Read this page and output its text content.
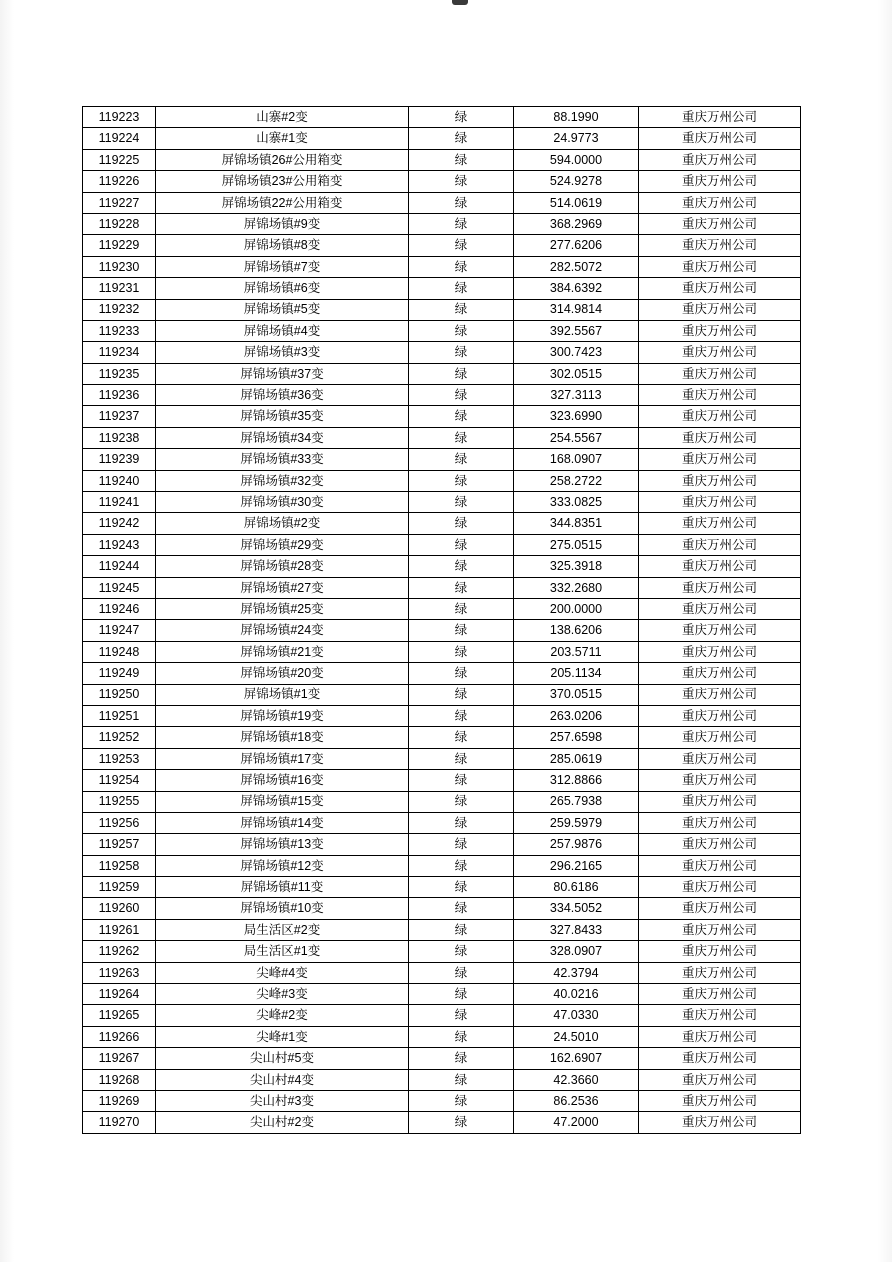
119223	山寨#2变	绿	88.1990	重庆万州公司
119224	山寨#1变	绿	24.9773	重庆万州公司
119225	屏锦场镇26#公用箱变	绿	594.0000	重庆万州公司
119226	屏锦场镇23#公用箱变	绿	524.9278	重庆万州公司
119227	屏锦场镇22#公用箱变	绿	514.0619	重庆万州公司
119228	屏锦场镇#9变	绿	368.2969	重庆万州公司
119229	屏锦场镇#8变	绿	277.6206	重庆万州公司
119230	屏锦场镇#7变	绿	282.5072	重庆万州公司
119231	屏锦场镇#6变	绿	384.6392	重庆万州公司
119232	屏锦场镇#5变	绿	314.9814	重庆万州公司
119233	屏锦场镇#4变	绿	392.5567	重庆万州公司
119234	屏锦场镇#3变	绿	300.7423	重庆万州公司
119235	屏锦场镇#37变	绿	302.0515	重庆万州公司
119236	屏锦场镇#36变	绿	327.3113	重庆万州公司
119237	屏锦场镇#35变	绿	323.6990	重庆万州公司
119238	屏锦场镇#34变	绿	254.5567	重庆万州公司
119239	屏锦场镇#33变	绿	168.0907	重庆万州公司
119240	屏锦场镇#32变	绿	258.2722	重庆万州公司
119241	屏锦场镇#30变	绿	333.0825	重庆万州公司
119242	屏锦场镇#2变	绿	344.8351	重庆万州公司
119243	屏锦场镇#29变	绿	275.0515	重庆万州公司
119244	屏锦场镇#28变	绿	325.3918	重庆万州公司
119245	屏锦场镇#27变	绿	332.2680	重庆万州公司
119246	屏锦场镇#25变	绿	200.0000	重庆万州公司
119247	屏锦场镇#24变	绿	138.6206	重庆万州公司
119248	屏锦场镇#21变	绿	203.5711	重庆万州公司
119249	屏锦场镇#20变	绿	205.1134	重庆万州公司
119250	屏锦场镇#1变	绿	370.0515	重庆万州公司
119251	屏锦场镇#19变	绿	263.0206	重庆万州公司
119252	屏锦场镇#18变	绿	257.6598	重庆万州公司
119253	屏锦场镇#17变	绿	285.0619	重庆万州公司
119254	屏锦场镇#16变	绿	312.8866	重庆万州公司
119255	屏锦场镇#15变	绿	265.7938	重庆万州公司
119256	屏锦场镇#14变	绿	259.5979	重庆万州公司
119257	屏锦场镇#13变	绿	257.9876	重庆万州公司
119258	屏锦场镇#12变	绿	296.2165	重庆万州公司
119259	屏锦场镇#11变	绿	80.6186	重庆万州公司
119260	屏锦场镇#10变	绿	334.5052	重庆万州公司
119261	局生活区#2变	绿	327.8433	重庆万州公司
119262	局生活区#1变	绿	328.0907	重庆万州公司
119263	尖峰#4变	绿	42.3794	重庆万州公司
119264	尖峰#3变	绿	40.0216	重庆万州公司
119265	尖峰#2变	绿	47.0330	重庆万州公司
119266	尖峰#1变	绿	24.5010	重庆万州公司
119267	尖山村#5变	绿	162.6907	重庆万州公司
119268	尖山村#4变	绿	42.3660	重庆万州公司
119269	尖山村#3变	绿	86.2536	重庆万州公司
119270	尖山村#2变	绿	47.2000	重庆万州公司
